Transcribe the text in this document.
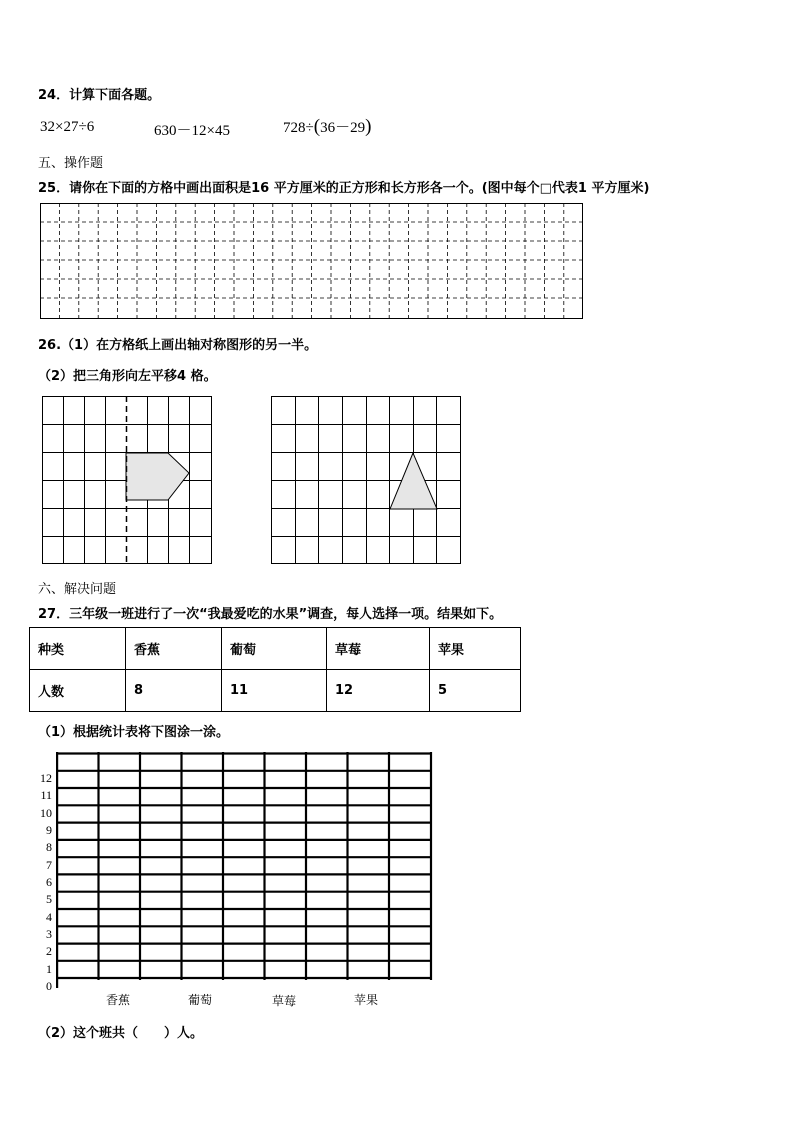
24．计算下面各题。
32×27÷6	630－12×45	728÷(36－29)
五、操作题
25．请你在下面的方格中画出面积是16 平方厘米的正方形和长方形各一个。(图中每个□代表1 平方厘米)
26.（1）在方格纸上画出轴对称图形的另一半。
（2）把三角形向左平移4 格。
六、解决问题
27．三年级一班进行了一次“我最爱吃的水果”调查，每人选择一项。结果如下。
种类	香蕉	葡萄	草莓	苹果
人数	8	11	12	5
（1）根据统计表将下图涂一涂。
0
1
2
3
4
5
6
7
8
9
10
11
12
香蕉	葡萄	草莓	苹果
（2）这个班共（　　）人。
